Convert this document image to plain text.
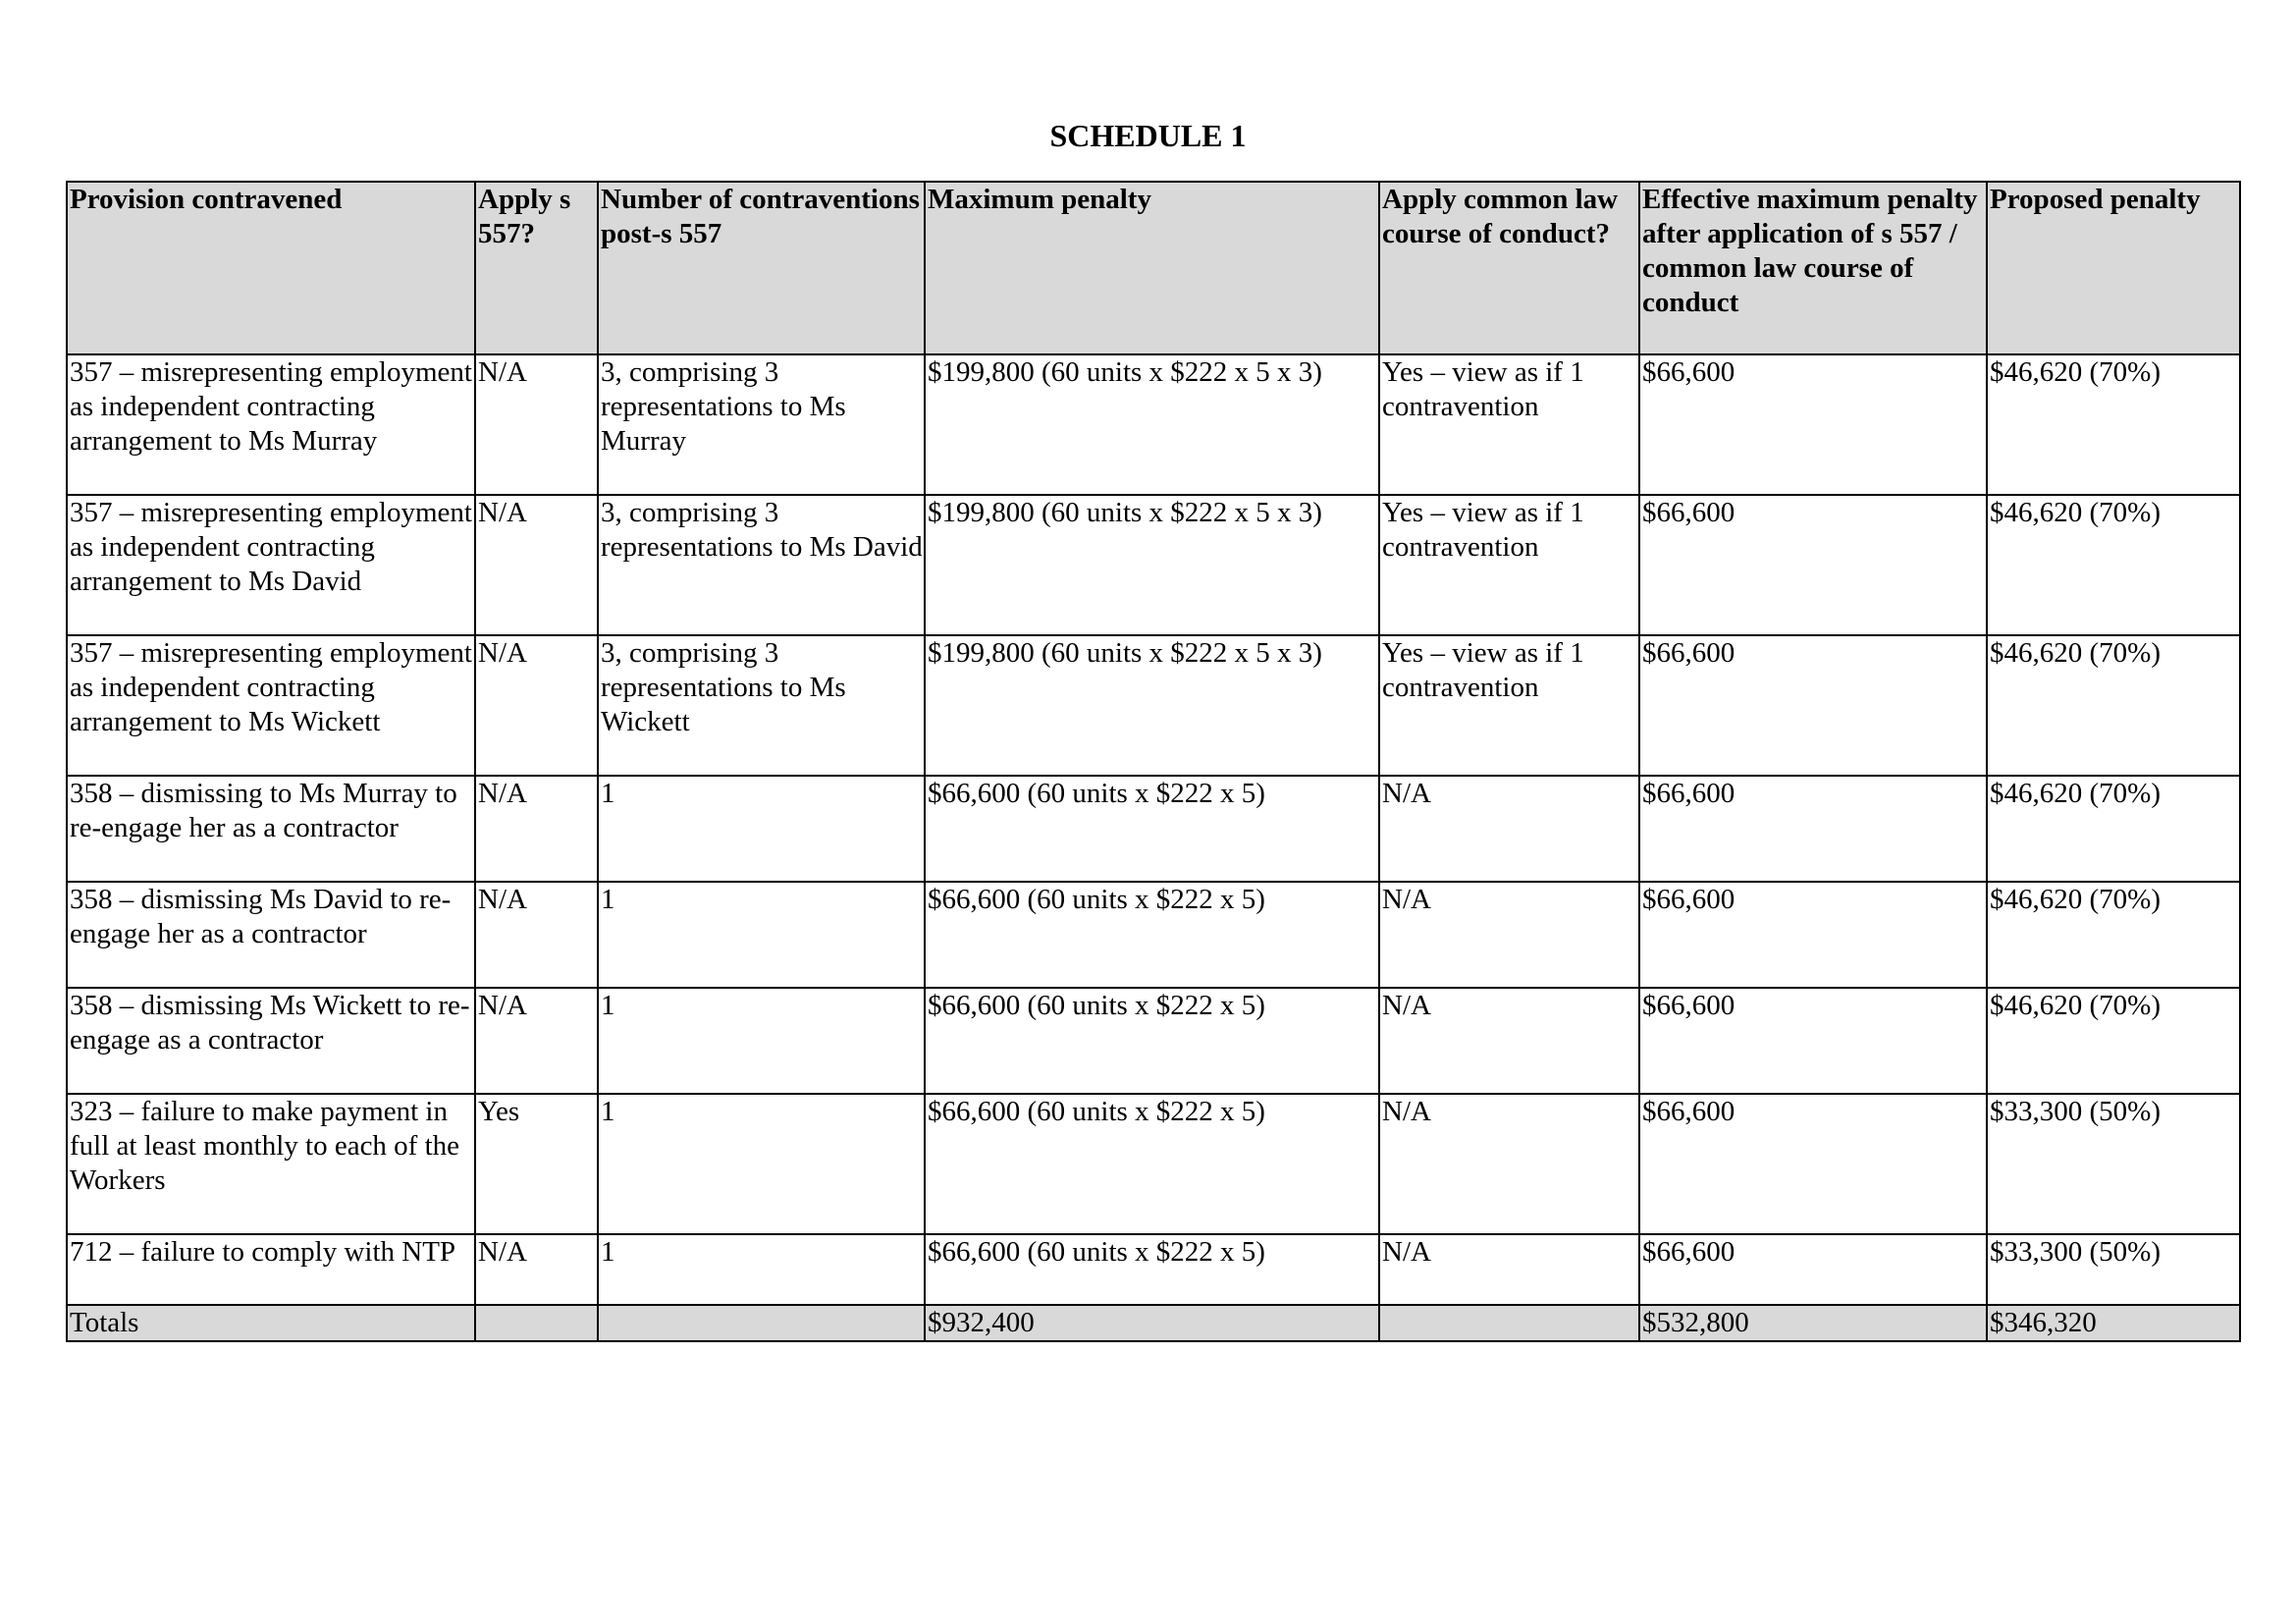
SCHEDULE 1
Provision contravened	Apply s 557?	Number of contraventions post-s 557	Maximum penalty	Apply common law course of conduct?	Effective maximum penalty after application of s 557 / common law course of conduct	Proposed penalty
357 – misrepresenting employment as independent contracting arrangement to Ms Murray	N/A	3, comprising 3 representations to Ms Murray	$199,800 (60 units x $222 x 5 x 3)	Yes – view as if 1 contravention	$66,600	$46,620 (70%)
357 – misrepresenting employment as independent contracting arrangement to Ms David	N/A	3, comprising 3 representations to Ms David	$199,800 (60 units x $222 x 5 x 3)	Yes – view as if 1 contravention	$66,600	$46,620 (70%)
357 – misrepresenting employment as independent contracting arrangement to Ms Wickett	N/A	3, comprising 3 representations to Ms Wickett	$199,800 (60 units x $222 x 5 x 3)	Yes – view as if 1 contravention	$66,600	$46,620 (70%)
358 – dismissing to Ms Murray to re-engage her as a contractor	N/A	1	$66,600 (60 units x $222 x 5)	N/A	$66,600	$46,620 (70%)
358 – dismissing Ms David to re-engage her as a contractor	N/A	1	$66,600 (60 units x $222 x 5)	N/A	$66,600	$46,620 (70%)
358 – dismissing Ms Wickett to re-engage as a contractor	N/A	1	$66,600 (60 units x $222 x 5)	N/A	$66,600	$46,620 (70%)
323 – failure to make payment in full at least monthly to each of the Workers	Yes	1	$66,600 (60 units x $222 x 5)	N/A	$66,600	$33,300 (50%)
712 – failure to comply with NTP	N/A	1	$66,600 (60 units x $222 x 5)	N/A	$66,600	$33,300 (50%)
Totals			$932,400		$532,800	$346,320
